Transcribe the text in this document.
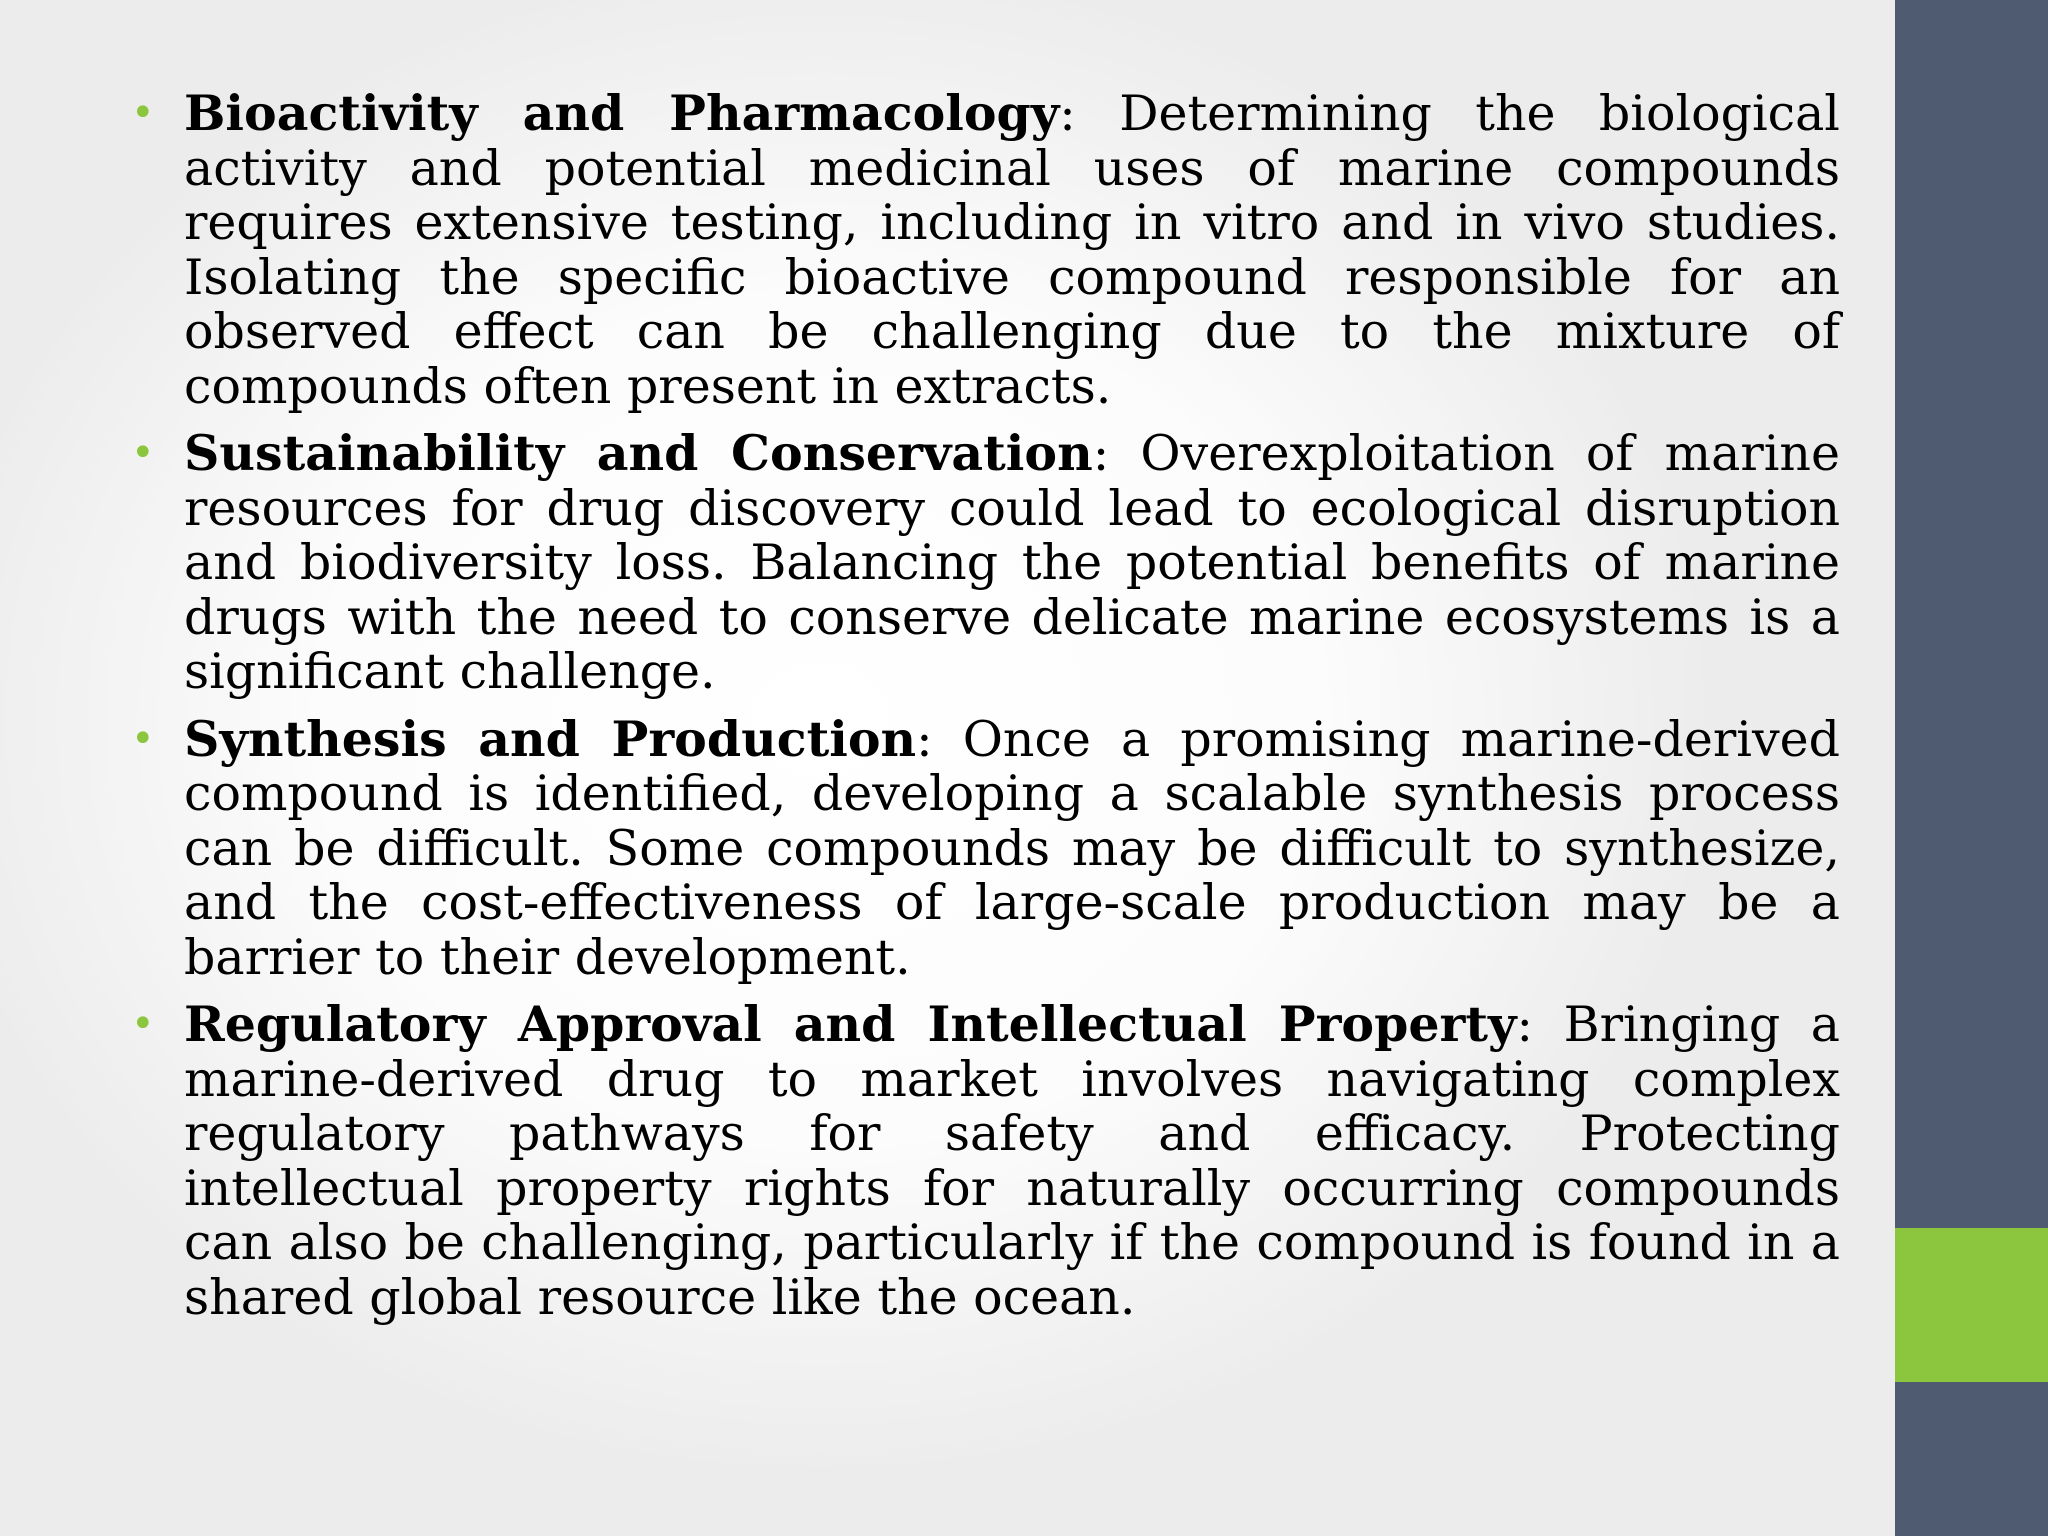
• Bioactivity and Pharmacology: Determining the biological activity and potential medicinal uses of marine compounds requires extensive testing, including in vitro and in vivo studies. Isolating the specific bioactive compound responsible for an observed effect can be challenging due to the mixture of compounds often present in extracts.
• Sustainability and Conservation: Overexploitation of marine resources for drug discovery could lead to ecological disruption and biodiversity loss. Balancing the potential benefits of marine drugs with the need to conserve delicate marine ecosystems is a significant challenge.
• Synthesis and Production: Once a promising marine-derived compound is identified, developing a scalable synthesis process can be difficult. Some compounds may be difficult to synthesize, and the cost-effectiveness of large-scale production may be a barrier to their development.
• Regulatory Approval and Intellectual Property: Bringing a marine-derived drug to market involves navigating complex regulatory pathways for safety and efficacy. Protecting intellectual property rights for naturally occurring compounds can also be challenging, particularly if the compound is found in a shared global resource like the ocean.
